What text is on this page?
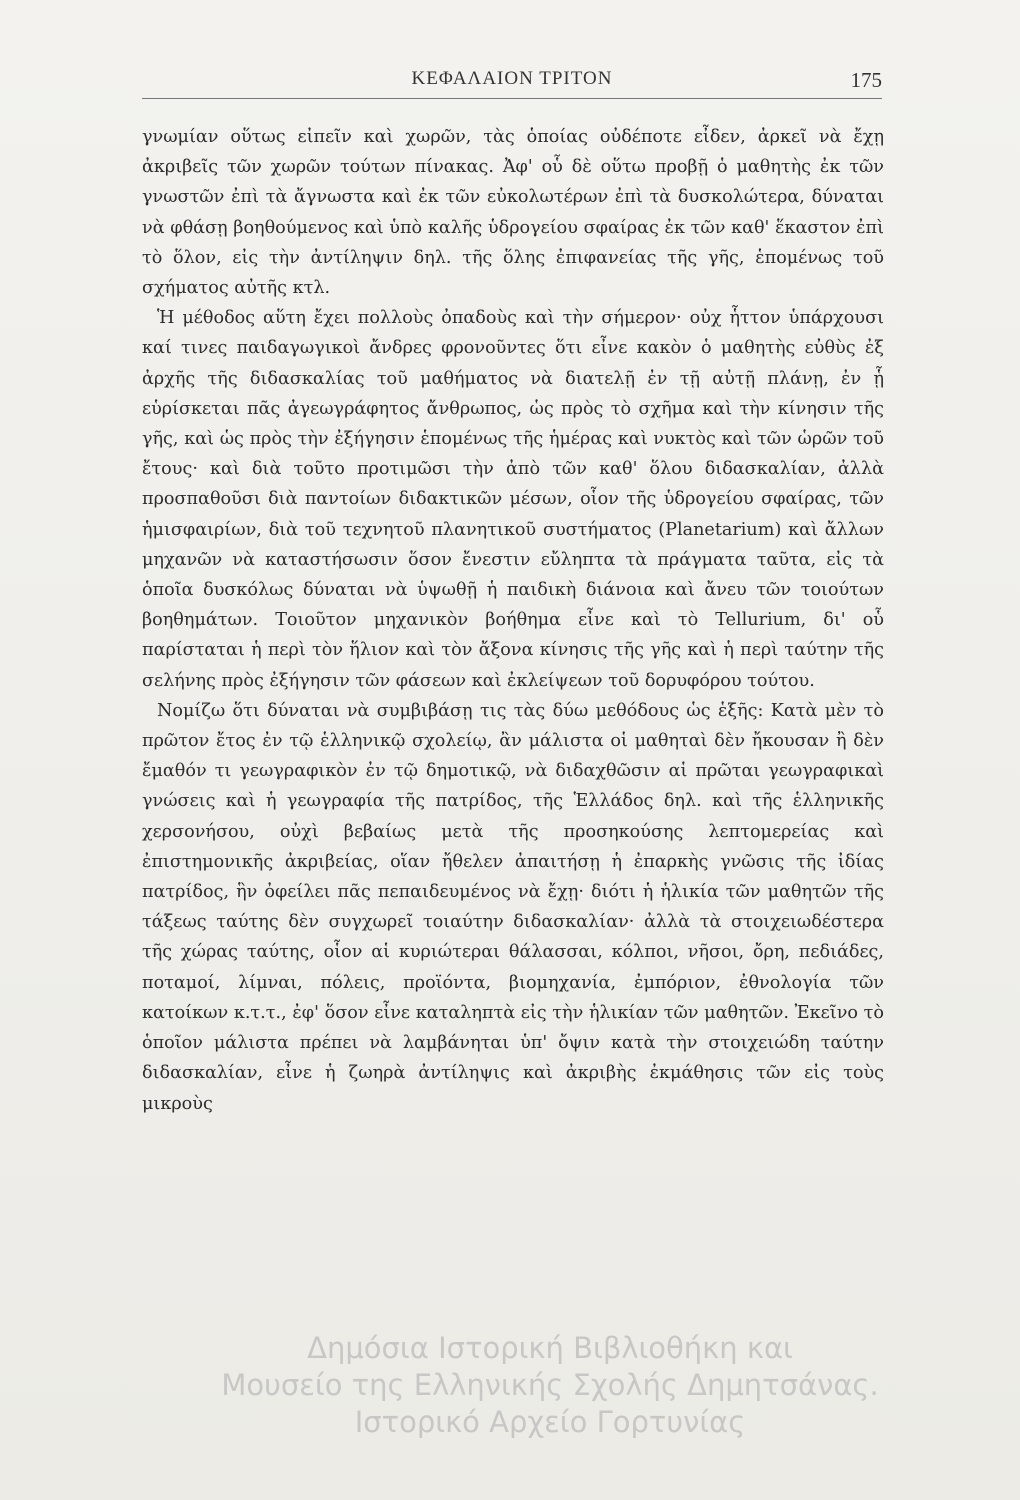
ΚΕΦΑΛΑΙΟΝ ΤΡΙΤΟΝ	175

γνωμίαν οὕτως εἰπεῖν καὶ χωρῶν, τὰς ὁποίας οὐδέποτε εἶδεν, ἀρκεῖ νὰ ἔχῃ ἀκριβεῖς τῶν χωρῶν τούτων πίνακας. Ἀφ' οὗ δὲ οὕτω προβῇ ὁ μαθητὴς ἐκ τῶν γνωστῶν ἐπὶ τὰ ἄγνωστα καὶ ἐκ τῶν εὐκολωτέρων ἐπὶ τὰ δυσκολώτερα, δύναται νὰ φθάσῃ βοηθούμενος καὶ ὑπὸ καλῆς ὑδρογείου σφαίρας ἐκ τῶν καθ' ἕκαστον ἐπὶ τὸ ὅλον, εἰς τὴν ἀντίληψιν δηλ. τῆς ὅλης ἐπιφανείας τῆς γῆς, ἑπομένως τοῦ σχήματος αὐτῆς κτλ.

Ἡ μέθοδος αὕτη ἔχει πολλοὺς ὀπαδοὺς καὶ τὴν σήμερον· οὐχ ἧττον ὑπάρχουσι καί τινες παιδαγωγικοὶ ἄνδρες φρονοῦντες ὅτι εἶνε κακὸν ὁ μαθητὴς εὐθὺς ἐξ ἀρχῆς τῆς διδασκαλίας τοῦ μαθήματος νὰ διατελῇ ἐν τῇ αὐτῇ πλάνῃ, ἐν ᾗ εὑρίσκεται πᾶς ἀγεωγράφητος ἄνθρωπος, ὡς πρὸς τὸ σχῆμα καὶ τὴν κίνησιν τῆς γῆς, καὶ ὡς πρὸς τὴν ἐξήγησιν ἑπομένως τῆς ἡμέρας καὶ νυκτὸς καὶ τῶν ὡρῶν τοῦ ἔτους· καὶ διὰ τοῦτο προτιμῶσι τὴν ἀπὸ τῶν καθ' ὅλου διδασκαλίαν, ἀλλὰ προσπαθοῦσι διὰ παντοίων διδακτικῶν μέσων, οἷον τῆς ὑδρογείου σφαίρας, τῶν ἡμισφαιρίων, διὰ τοῦ τεχνητοῦ πλανητικοῦ συστήματος (Planetarium) καὶ ἄλλων μηχανῶν νὰ καταστήσωσιν ὅσον ἔνεστιν εὔληπτα τὰ πράγματα ταῦτα, εἰς τὰ ὁποῖα δυσκόλως δύναται νὰ ὑψωθῇ ἡ παιδικὴ διάνοια καὶ ἄνευ τῶν τοιούτων βοηθημάτων. Τοιοῦτον μηχανικὸν βοήθημα εἶνε καὶ τὸ Tellurium, δι' οὗ παρίσταται ἡ περὶ τὸν ἥλιον καὶ τὸν ἄξονα κίνησις τῆς γῆς καὶ ἡ περὶ ταύτην τῆς σελήνης πρὸς ἐξήγησιν τῶν φάσεων καὶ ἐκλείψεων τοῦ δορυφόρου τούτου.

Νομίζω ὅτι δύναται νὰ συμβιβάσῃ τις τὰς δύω μεθόδους ὡς ἑξῆς: Κατὰ μὲν τὸ πρῶτον ἔτος ἐν τῷ ἑλληνικῷ σχολείῳ, ἂν μάλιστα οἱ μαθηταὶ δὲν ἤκουσαν ἢ δὲν ἔμαθόν τι γεωγραφικὸν ἐν τῷ δημοτικῷ, νὰ διδαχθῶσιν αἱ πρῶται γεωγραφικαὶ γνώσεις καὶ ἡ γεωγραφία τῆς πατρίδος, τῆς Ἑλλάδος δηλ. καὶ τῆς ἑλληνικῆς χερσονήσου, οὐχὶ βεβαίως μετὰ τῆς προσηκούσης λεπτομερείας καὶ ἐπιστημονικῆς ἀκριβείας, οἵαν ἤθελεν ἀπαιτήσῃ ἡ ἐπαρκὴς γνῶσις τῆς ἰδίας πατρίδος, ἣν ὀφείλει πᾶς πεπαιδευμένος νὰ ἔχῃ· διότι ἡ ἡλικία τῶν μαθητῶν τῆς τάξεως ταύτης δὲν συγχωρεῖ τοιαύτην διδασκαλίαν· ἀλλὰ τὰ στοιχειωδέστερα τῆς χώρας ταύτης, οἷον αἱ κυριώτεραι θάλασσαι, κόλποι, νῆσοι, ὄρη, πεδιάδες, ποταμοί, λίμναι, πόλεις, προϊόντα, βιομηχανία, ἐμπόριον, ἐθνολογία τῶν κατοίκων κ.τ.τ., ἐφ' ὅσον εἶνε καταληπτὰ εἰς τὴν ἡλικίαν τῶν μαθητῶν. Ἐκεῖνο τὸ ὁποῖον μάλιστα πρέπει νὰ λαμβάνηται ὑπ' ὄψιν κατὰ τὴν στοιχειώδη ταύτην διδασκαλίαν, εἶνε ἡ ζωηρὰ ἀντίληψις καὶ ἀκριβὴς ἐκμάθησις τῶν εἰς τοὺς μικροὺς

Δημόσια Ιστορική Βιβλιοθήκη και
Μουσείο της Ελληνικής Σχολής Δημητσάνας.
Ιστορικό Αρχείο Γορτυνίας
